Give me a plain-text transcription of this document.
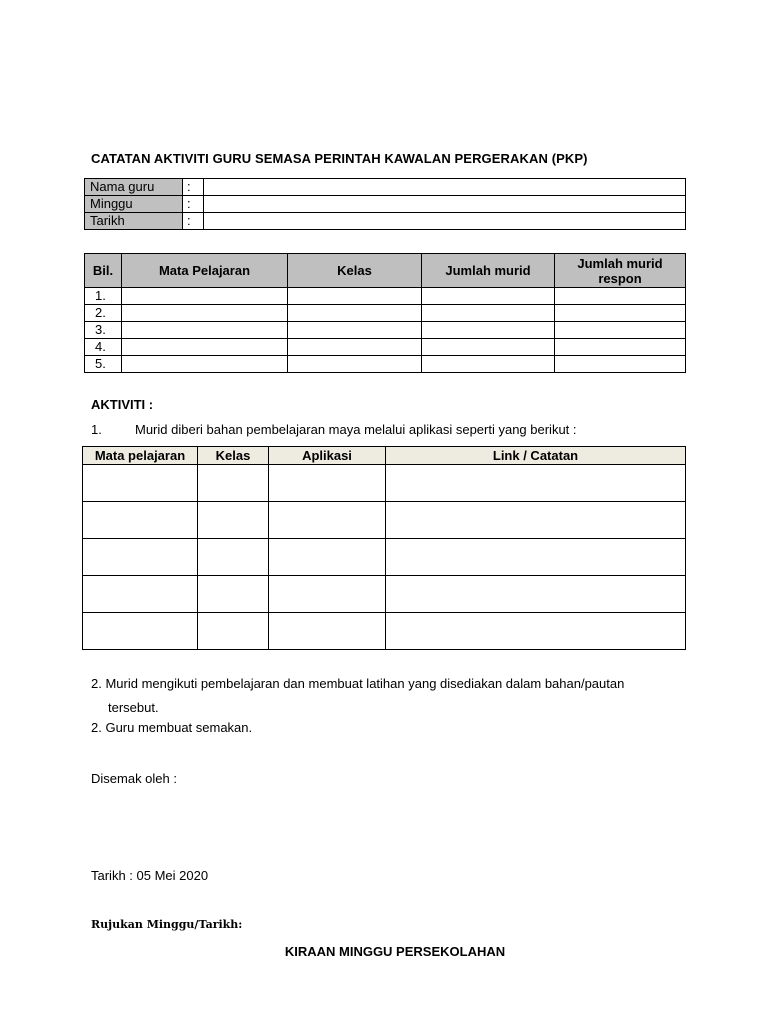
CATATAN AKTIVITI GURU SEMASA PERINTAH KAWALAN PERGERAKAN (PKP)
Nama guru	:	
Minggu	:	
Tarikh	:	
Bil.	Mata Pelajaran	Kelas	Jumlah murid	Jumlah murid respon
1.				
2.				
3.				
4.				
5.				
AKTIVITI :
1.	Murid diberi bahan pembelajaran maya melalui aplikasi seperti yang berikut :
Mata pelajaran	Kelas	Aplikasi	Link / Catatan

2. Murid mengikuti pembelajaran dan membuat latihan yang disediakan dalam bahan/pautan
tersebut.
2. Guru membuat semakan.
Disemak oleh :
Tarikh : 05 Mei 2020
Rujukan Minggu/Tarikh:
KIRAAN MINGGU PERSEKOLAHAN
